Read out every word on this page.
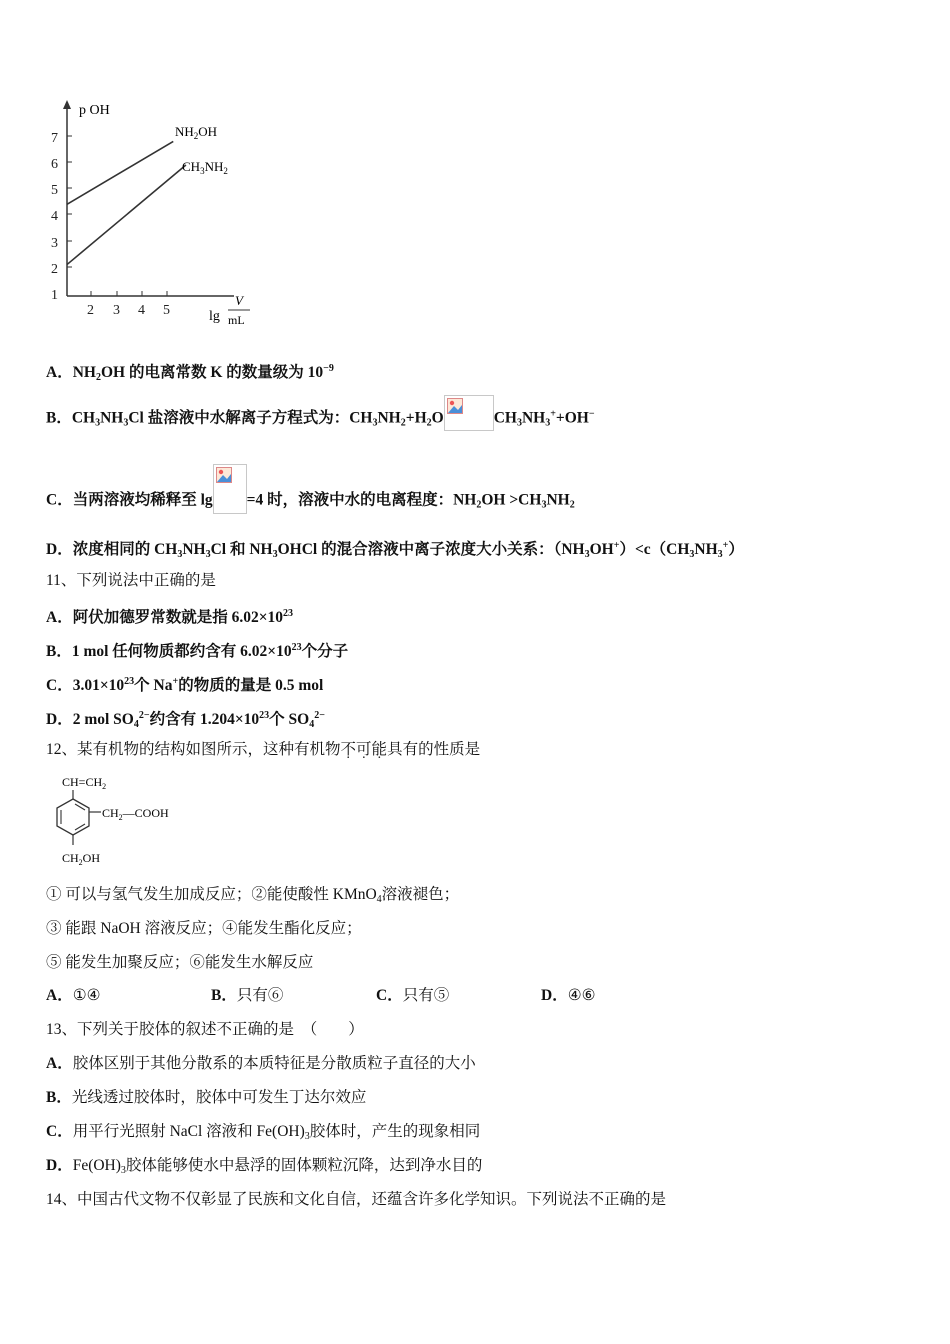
p OH
1
2
3
4
5
6
7
2 3 4 5	lg
V
mL
$NH_2OH$
$CH_3NH_2$
A．$NH_2OH$ 的电离常数 K 的数量级为 $10^{-9}$
B．$CH_3NH_3Cl$ 盐溶液中水解离子方程式为：$CH_3NH_2+H_2O$	$CH_3NH_3^++OH^-$
C．当两溶液均稀释至 lg =4 时，溶液中水的电离程度：$NH_2OH >CH_3NH_2$
D．浓度相同的 $CH_3NH_3Cl$ 和 $NH_3OHCl$ 的混合溶液中离子浓度大小关系：$(NH_3OH^+)<c(CH_3NH_3^+)$
11、下列说法中正确的是
A．阿伏加德罗常数就是指 $6.02\times 10^{23}$
B．1 mol 任何物质都约含有 $6.02\times 10^{23}$个分子
C．$3.01\times 10^{23}$个 Na+的物质的量是 0.5 mol
D．2 mol $SO_4^{2-}$约含有 $1.204\times 10^{23}$个 $SO_4^{2-}$
12、某有机物的结构如图所示，这种有机物不可能具有的性质是
$CH=CH_2$
$CH_2—COOH$
$CH_2OH$
① 可以与氢气发生加成反应；②能使酸性 KMnO$_4$溶液褪色；
③ 能跟 NaOH 溶液反应；④能发生酯化反应；
⑤ 能发生加聚反应；⑥能发生水解反应
A．①④	B．只有⑥	C．只有⑤	D．④⑥
13、下列关于胶体的叙述不正确的是　（　　）
A．胶体区别于其他分散系的本质特征是分散质粒子直径的大小
B．光线透过胶体时，胶体中可发生丁达尔效应
C．用平行光照射 NaCl 溶液和 $Fe(OH)_3$胶体时，产生的现象相同
D．$Fe(OH)_3$胶体能够使水中悬浮的固体颗粒沉降，达到净水目的
14、中国古代文物不仅彰显了民族和文化自信，还蕴含许多化学知识。下列说法不正确的是
